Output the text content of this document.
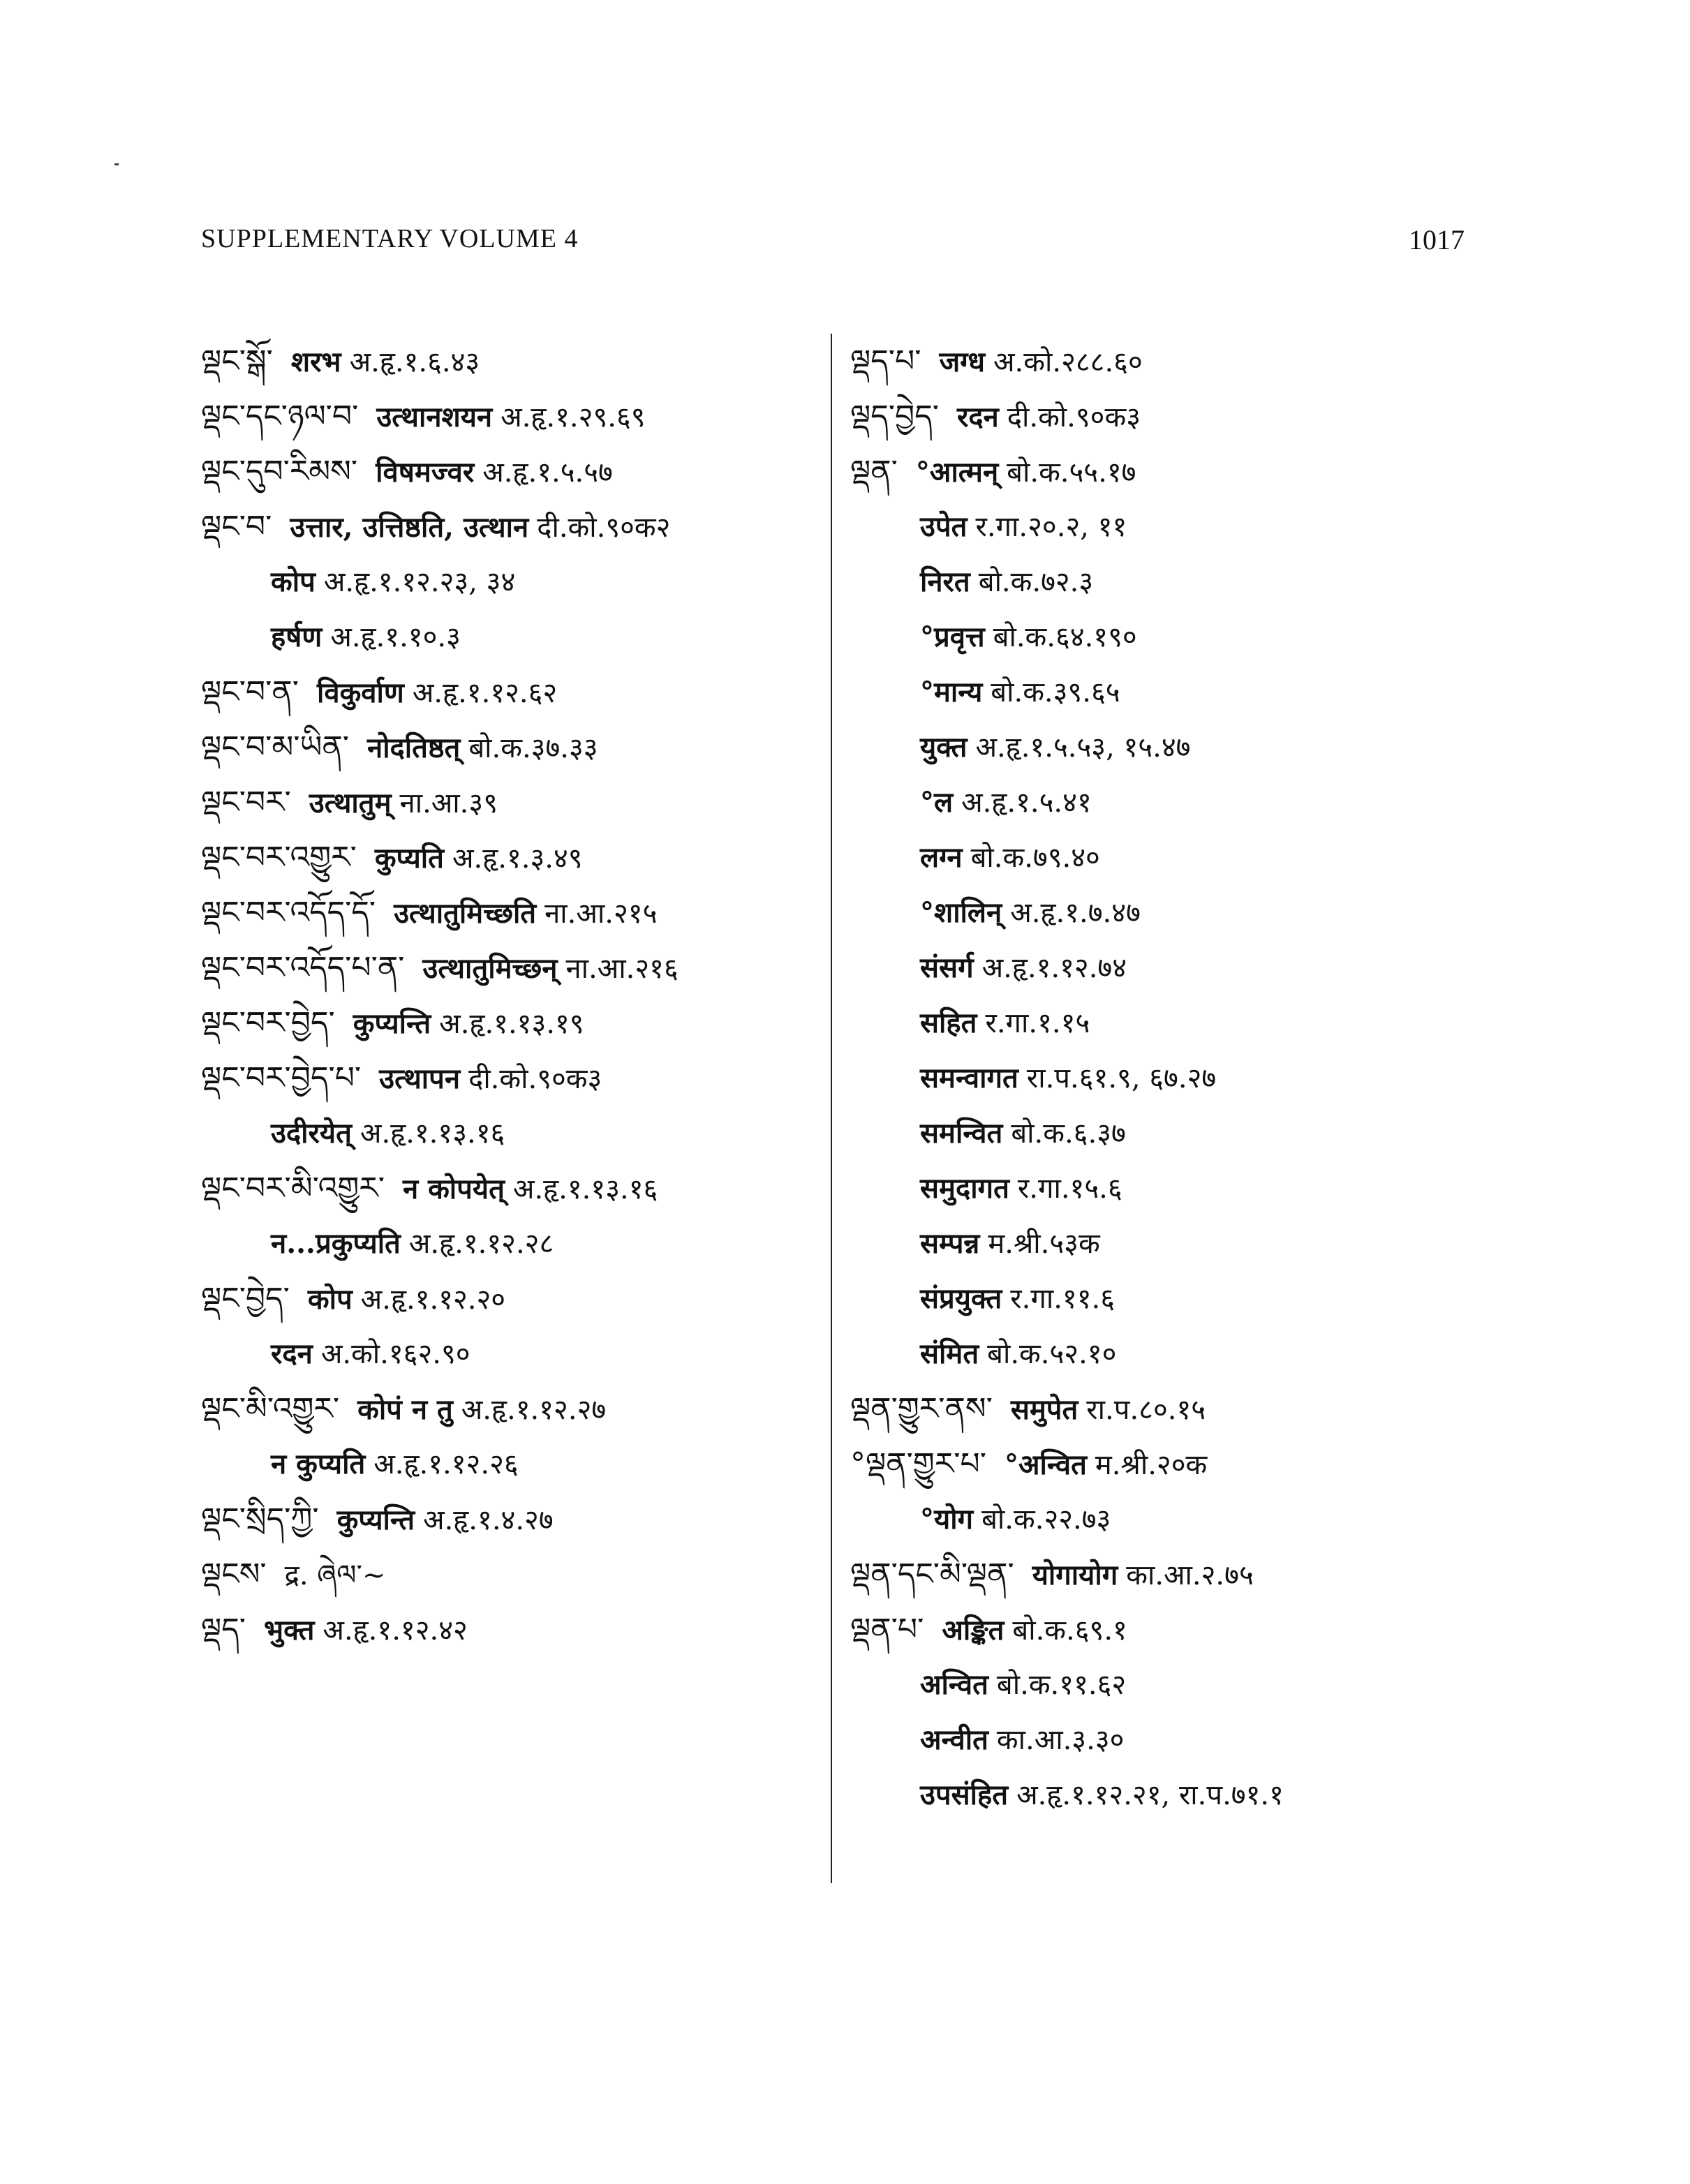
SUPPLEMENTARY VOLUME 4	1017
ལྡང་སྒོ་ शरभ अ.हृ.१.६.४३
ལྡང་དང་ཉལ་བ་ उत्थानशयन अ.हृ.१.२९.६९
ལྡང་དུབ་རིམས་ विषमज्वर अ.हृ.१.५.५७
ལྡང་བ་ उत्तार, उत्तिष्ठति, उत्थान दी.को.९०क२
कोप अ.हृ.१.१२.२३, ३४
हर्षण अ.हृ.१.१०.३
ལྡང་བ་ན་ विकुर्वाण अ.हृ.१.१२.६२
ལྡང་བ་མ་ཡིན་ नोदतिष्ठत् बो.क.३७.३३
ལྡང་བར་ उत्थातुम् ना.आ.३९
ལྡང་བར་འགྱུར་ कुप्यति अ.हृ.१.३.४९
ལྡང་བར་འདོད་དོ་ उत्थातुमिच्छति ना.आ.२१५
ལྡང་བར་འདོད་པ་ན་ उत्थातुमिच्छन् ना.आ.२१६
ལྡང་བར་བྱེད་ कुप्यन्ति अ.हृ.१.१३.१९
ལྡང་བར་བྱེད་པ་ उत्थापन दी.को.९०क३
उदीरयेत् अ.हृ.१.१३.१६
ལྡང་བར་མི་འགྱུར་ न कोपयेत् अ.हृ.१.१३.१६
न...प्रकुप्यति अ.हृ.१.१२.२८
ལྡང་བྱེད་ कोप अ.हृ.१.१२.२०
रदन अ.को.१६२.९०
ལྡང་མི་འགྱུར་ कोपं न तु अ.हृ.१.१२.२७
न कुप्यति अ.हृ.१.१२.२६
ལྡང་སྲིད་ཀྱི་ कुप्यन्ति अ.हृ.१.४.२७
ལྡངས་ द्र. ཞེལ་~
ལྡད་ भुक्त अ.हृ.१.१२.४२
ལྡད་པ་ जग्ध अ.को.२८८.६०
ལྡད་བྱེད་ रदन दी.को.९०क३
ལྡན་ °आत्मन् बो.क.५५.१७
उपेत र.गा.२०.२, ११
निरत बो.क.७२.३
°प्रवृत्त बो.क.६४.१९०
°मान्य बो.क.३९.६५
युक्त अ.हृ.१.५.५३, १५.४७
°ल अ.हृ.१.५.४१
लग्न बो.क.७९.४०
°शालिन् अ.हृ.१.७.४७
संसर्ग अ.हृ.१.१२.७४
सहित र.गा.१.१५
समन्वागत रा.प.६१.९, ६७.२७
समन्वित बो.क.६.३७
समुदागत र.गा.१५.६
सम्पन्न म.श्री.५३क
संप्रयुक्त र.गा.११.६
संमित बो.क.५२.१०
ལྡན་གྱུར་ནས་ समुपेत रा.प.८०.१५
°ལྡན་གྱུར་པ་ °अन्वित म.श्री.२०क
°योग बो.क.२२.७३
ལྡན་དང་མི་ལྡན་ योगायोग का.आ.२.७५
ལྡན་པ་ अङ्कित बो.क.६९.१
अन्वित बो.क.११.६२
अन्वीत का.आ.३.३०
उपसंहित अ.हृ.१.१२.२१, रा.प.७१.१
